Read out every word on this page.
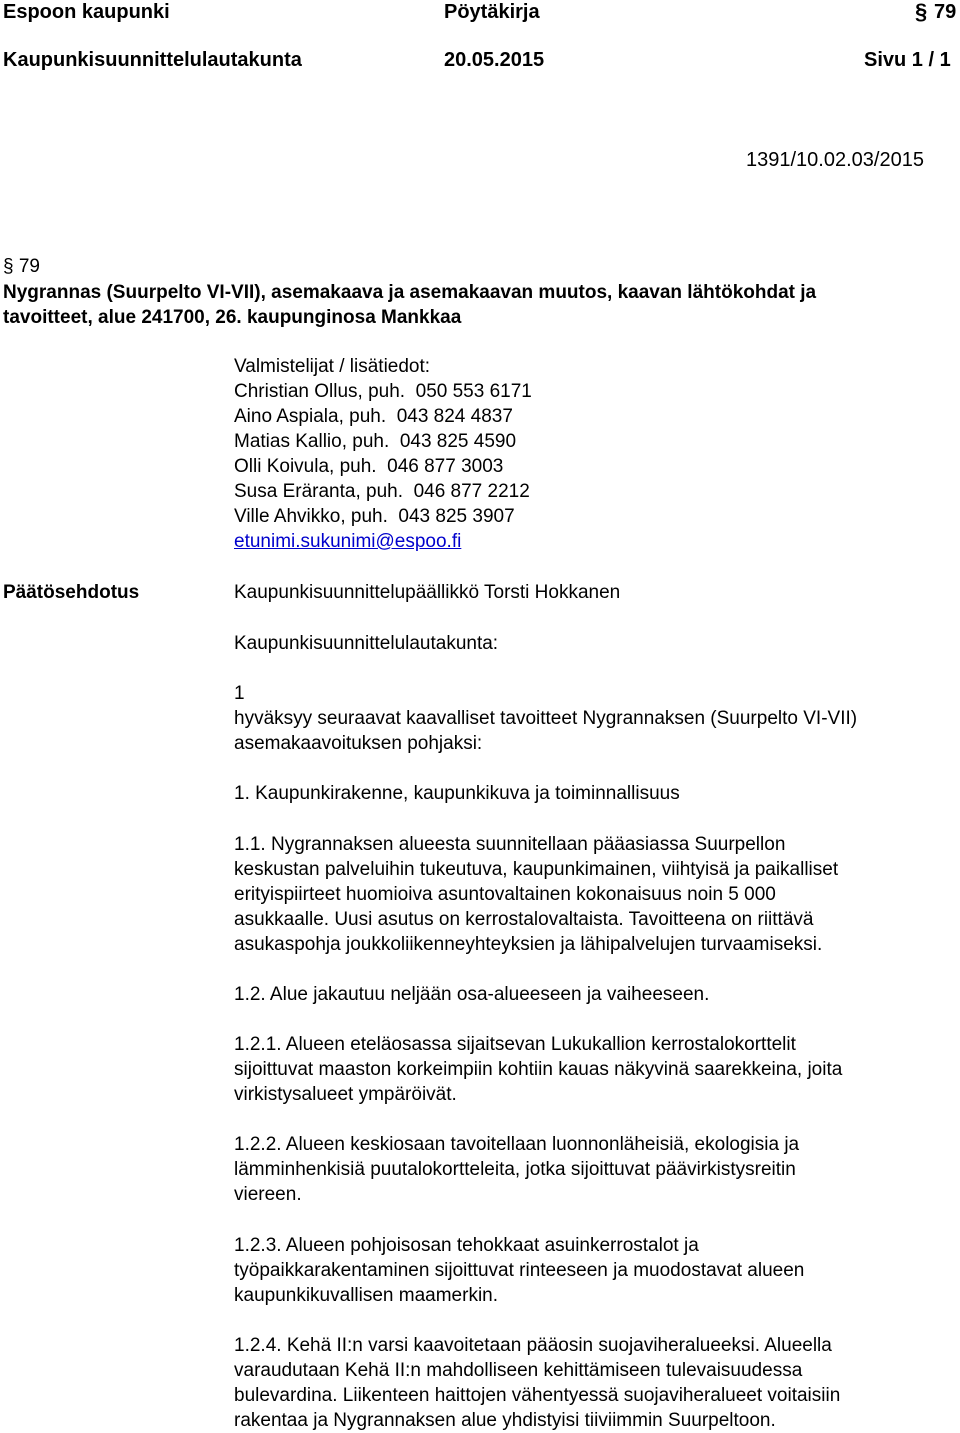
Espoon kaupunki	Pöytäkirja	§ 79
Kaupunkisuunnittelulautakunta	20.05.2015	Sivu 1 / 1
1391/10.02.03/2015
§ 79
Nygrannas (Suurpelto VI-VII), asemakaava ja asemakaavan muutos, kaavan lähtökohdat ja
tavoitteet, alue 241700, 26. kaupunginosa Mankkaa
Valmistelijat / lisätiedot:
Christian Ollus, puh. 050 553 6171
Aino Aspiala, puh. 043 824 4837
Matias Kallio, puh. 043 825 4590
Olli Koivula, puh. 046 877 3003
Susa Eräranta, puh. 046 877 2212
Ville Ahvikko, puh. 043 825 3907
etunimi.sukunimi@espoo.fi
Päätösehdotus	Kaupunkisuunnittelupäällikkö Torsti Hokkanen
Kaupunkisuunnittelulautakunta:
1
hyväksyy seuraavat kaavalliset tavoitteet Nygrannaksen (Suurpelto VI-VII)
asemakaavoituksen pohjaksi:
1. Kaupunkirakenne, kaupunkikuva ja toiminnallisuus
1.1. Nygrannaksen alueesta suunnitellaan pääasiassa Suurpellon
keskustan palveluihin tukeutuva, kaupunkimainen, viihtyisä ja paikalliset
erityispiirteet huomioiva asuntovaltainen kokonaisuus noin 5 000
asukkaalle. Uusi asutus on kerrostalovaltaista. Tavoitteena on riittävä
asukaspohja joukkoliikenneyhteyksien ja lähipalvelujen turvaamiseksi.
1.2. Alue jakautuu neljään osa-alueeseen ja vaiheeseen.
1.2.1. Alueen eteläosassa sijaitsevan Lukukallion kerrostalokorttelit
sijoittuvat maaston korkeimpiin kohtiin kauas näkyvinä saarekkeina, joita
virkistysalueet ympäröivät.
1.2.2. Alueen keskiosaan tavoitellaan luonnonläheisiä, ekologisia ja
lämminhenkisiä puutalokortteleita, jotka sijoittuvat päävirkistysreitin
viereen.
1.2.3. Alueen pohjoisosan tehokkaat asuinkerrostalot ja
työpaikkarakentaminen sijoittuvat rinteeseen ja muodostavat alueen
kaupunkikuvallisen maamerkin.
1.2.4. Kehä II:n varsi kaavoitetaan pääosin suojaviheralueeksi. Alueella
varaudutaan Kehä II:n mahdolliseen kehittämiseen tulevaisuudessa
bulevardina. Liikenteen haittojen vähentyessä suojaviheralueet voitaisiin
rakentaa ja Nygrannaksen alue yhdistyisi tiiviimmin Suurpeltoon.
